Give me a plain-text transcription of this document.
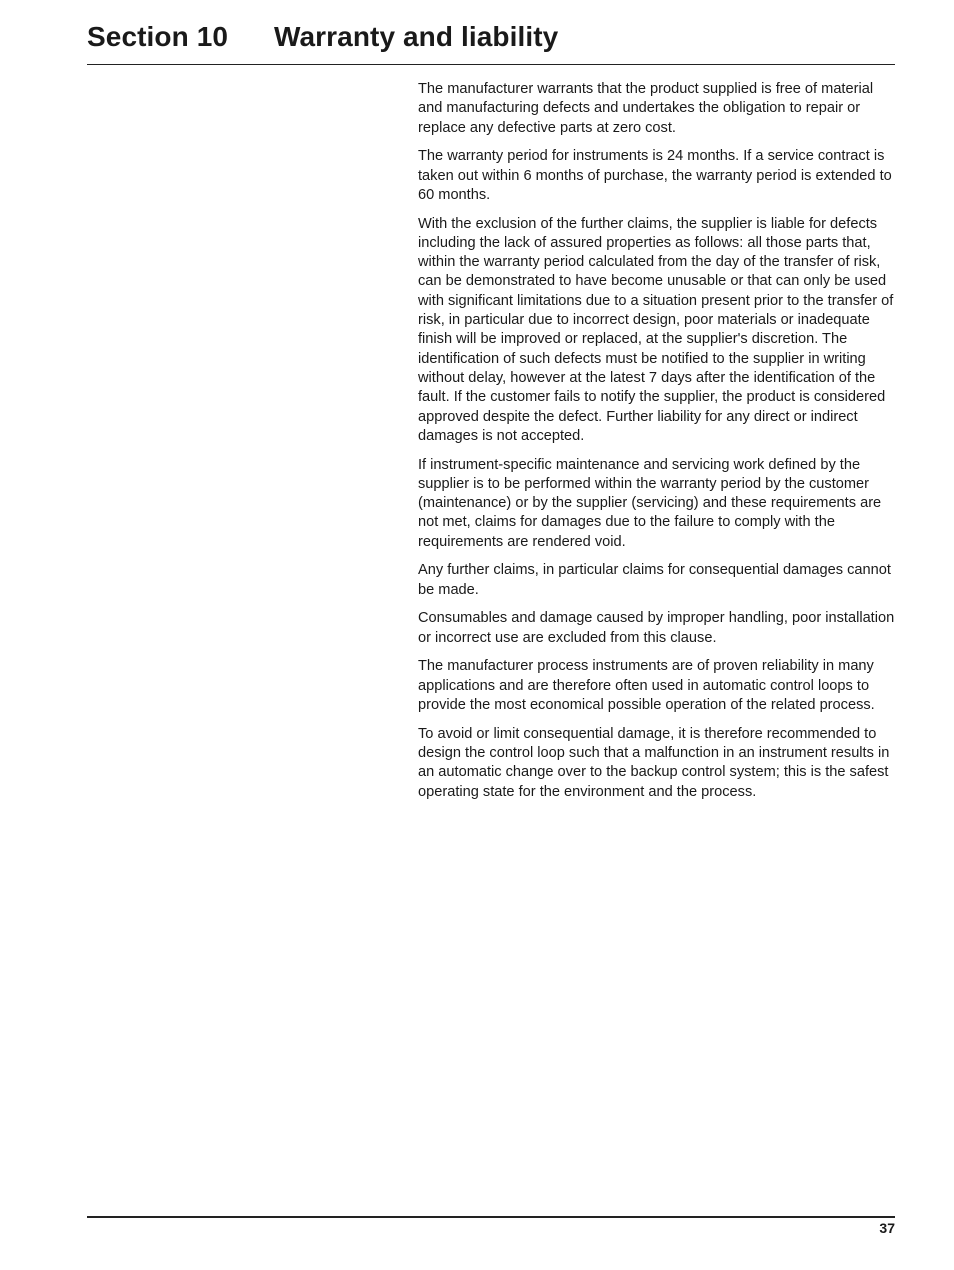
Section 10 Warranty and liability

The manufacturer warrants that the product supplied is free of material and manufacturing defects and undertakes the obligation to repair or replace any defective parts at zero cost.

The warranty period for instruments is 24 months. If a service contract is taken out within 6 months of purchase, the warranty period is extended to 60 months.

With the exclusion of the further claims, the supplier is liable for defects including the lack of assured properties as follows: all those parts that, within the warranty period calculated from the day of the transfer of risk, can be demonstrated to have become unusable or that can only be used with significant limitations due to a situation present prior to the transfer of risk, in particular due to incorrect design, poor materials or inadequate finish will be improved or replaced, at the supplier's discretion. The identification of such defects must be notified to the supplier in writing without delay, however at the latest 7 days after the identification of the fault. If the customer fails to notify the supplier, the product is considered approved despite the defect. Further liability for any direct or indirect damages is not accepted.

If instrument-specific maintenance and servicing work defined by the supplier is to be performed within the warranty period by the customer (maintenance) or by the supplier (servicing) and these requirements are not met, claims for damages due to the failure to comply with the requirements are rendered void.

Any further claims, in particular claims for consequential damages cannot be made.

Consumables and damage caused by improper handling, poor installation or incorrect use are excluded from this clause.

The manufacturer process instruments are of proven reliability in many applications and are therefore often used in automatic control loops to provide the most economical possible operation of the related process.

To avoid or limit consequential damage, it is therefore recommended to design the control loop such that a malfunction in an instrument results in an automatic change over to the backup control system; this is the safest operating state for the environment and the process.

37
